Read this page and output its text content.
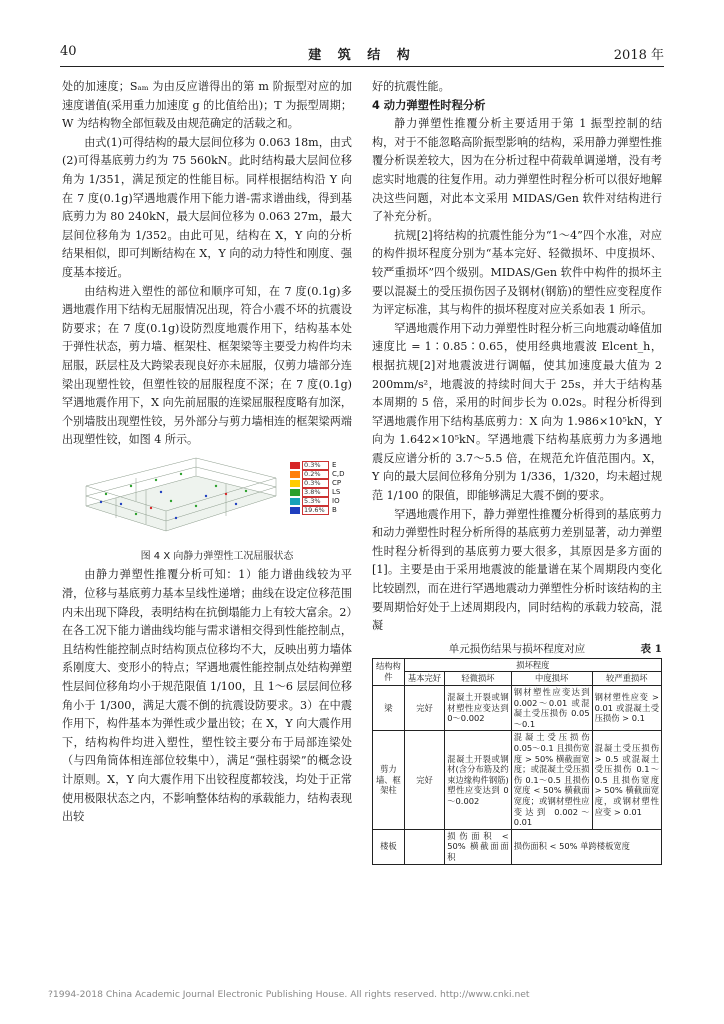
40	建 筑 结 构	2018 年

处的加速度；Sₐₘ 为由反应谱得出的第 m 阶振型对应的加速度谱值(采用重力加速度 g 的比值给出)；T 为振型周期；W 为结构物全部恒载及由规范确定的活载之和。

由式(1)可得结构的最大层间位移为 0.063 18m，由式(2)可得基底剪力约为 75 560kN。此时结构最大层间位移角为 1/351，满足预定的性能目标。同样根据结构沿 Y 向在 7 度(0.1g)罕遇地震作用下能力谱-需求谱曲线，得到基底剪力为 80 240kN，最大层间位移为 0.063 27m，最大层间位移角为 1/352。由此可见，结构在 X，Y 向的分析结果相似，即可判断结构在 X，Y 向的动力特性和刚度、强度基本接近。

由结构进入塑性的部位和顺序可知，在 7 度(0.1g)多遇地震作用下结构无屈服情况出现，符合小震不坏的抗震设防要求；在 7 度(0.1g)设防烈度地震作用下，结构基本处于弹性状态，剪力墙、框架柱、框架梁等主要受力构件均未屈服，跃层柱及大跨梁表现良好亦未屈服，仅剪力墙部分连梁出现塑性铰，但塑性铰的屈服程度不深；在 7 度(0.1g)罕遇地震作用下，X 向先前屈服的连梁屈服程度略有加深，个别墙肢出现塑性铰，另外部分与剪力墙相连的框架梁两端出现塑性铰，如图 4 所示。

0.3%	E
0.2%	C,D
0.3%	CP
3.8%	LS
5.3%	IO
19.6%	B

图 4 X 向静力弹塑性工况屈服状态

由静力弹塑性推覆分析可知：1）能力谱曲线较为平滑，位移与基底剪力基本呈线性递增；曲线在设定位移范围内未出现下降段，表明结构在抗倒塌能力上有较大富余。2）在各工况下能力谱曲线均能与需求谱相交得到性能控制点，且结构性能控制点时结构顶点位移均不大，反映出剪力墙体系刚度大、变形小的特点；罕遇地震性能控制点处结构弹塑性层间位移角均小于规范限值 1/100，且 1～6 层层间位移角小于 1/300，满足大震不倒的抗震设防要求。3）在中震作用下，构件基本为弹性或少量出铰；在 X，Y 向大震作用下，结构构件均进入塑性，塑性铰主要分布于局部连梁处（与四角筒体相连部位较集中），满足“强柱弱梁”的概念设计原则。X，Y 向大震作用下出铰程度都较浅，均处于正常使用极限状态之内，不影响整体结构的承载能力，结构表现出较

好的抗震性能。

4 动力弹塑性时程分析

静力弹塑性推覆分析主要适用于第 1 振型控制的结构，对于不能忽略高阶振型影响的结构，采用静力弹塑性推覆分析误差较大，因为在分析过程中荷载单调递增，没有考虑实时地震的往复作用。动力弹塑性时程分析可以很好地解决这些问题，对此本文采用 MIDAS/Gen 软件对结构进行了补充分析。

抗规[2]将结构的抗震性能分为“1～4”四个水准，对应的构件损坏程度分别为“基本完好、轻微损坏、中度损坏、较严重损坏”四个级别。MIDAS/Gen 软件中构件的损坏主要以混凝土的受压损伤因子及钢材(钢筋)的塑性应变程度作为评定标准，其与构件的损坏程度对应关系如表 1 所示。

罕遇地震作用下动力弹塑性时程分析三向地震动峰值加速度比 = 1∶0.85∶0.65，使用经典地震波 Elcent_h，根据抗规[2]对地震波进行调幅，使其加速度最大值为 2 200mm/s²，地震波的持续时间大于 25s，并大于结构基本周期的 5 倍，采用的时间步长为 0.02s。时程分析得到罕遇地震作用下结构基底剪力：X 向为 1.986×10⁵kN，Y 向为 1.642×10⁵kN。罕遇地震下结构基底剪力为多遇地震反应谱分析的 3.7～5.5 倍，在规范允许值范围内。X，Y 向的最大层间位移角分别为 1/336，1/320，均未超过规范 1/100 的限值，即能够满足大震不倒的要求。

罕遇地震作用下，静力弹塑性推覆分析得到的基底剪力和动力弹塑性时程分析所得的基底剪力差别显著，动力弹塑性时程分析得到的基底剪力要大很多，其原因是多方面的[1]。主要是由于采用地震波的能量谱在某个周期段内变化比较剧烈，而在进行罕遇地震动力弹塑性分析时该结构的主要周期恰好处于上述周期段内，同时结构的承载力较高，混凝

单元损伤结果与损坏程度对应	表 1
结构构件	损坏程度			
	基本完好	轻微损坏	中度损坏	较严重损坏
梁	完好	混凝土开裂或钢材塑性应变达到 0～0.002	钢材塑性应变达到 0.002～0.01 或混凝土受压损伤 0.05～0.1	钢材塑性应变 > 0.01 或混凝土受压损伤 > 0.1
剪力墙、框架柱	完好	混凝土开裂或钢材(含分布筋及约束边缘构件钢筋)塑性应变达到 0～0.002	混凝土受压损伤 0.05～0.1 且损伤宽度 > 50% 横截面宽度；或混凝土受压损伤 0.1～0.5 且损伤宽度 < 50% 横截面宽度；或钢材塑性应变达到 0.002～0.01	混凝土受压损伤 > 0.5 或混凝土受压损伤 0.1～0.5 且损伤宽度 > 50% 横截面宽度，或钢材塑性应变 > 0.01
楼板		损伤面积 < 50% 横截面面积	损伤面积 < 50% 单跨楼板宽度	
?1994-2018 China Academic Journal Electronic Publishing House. All rights reserved. http://www.cnki.net
